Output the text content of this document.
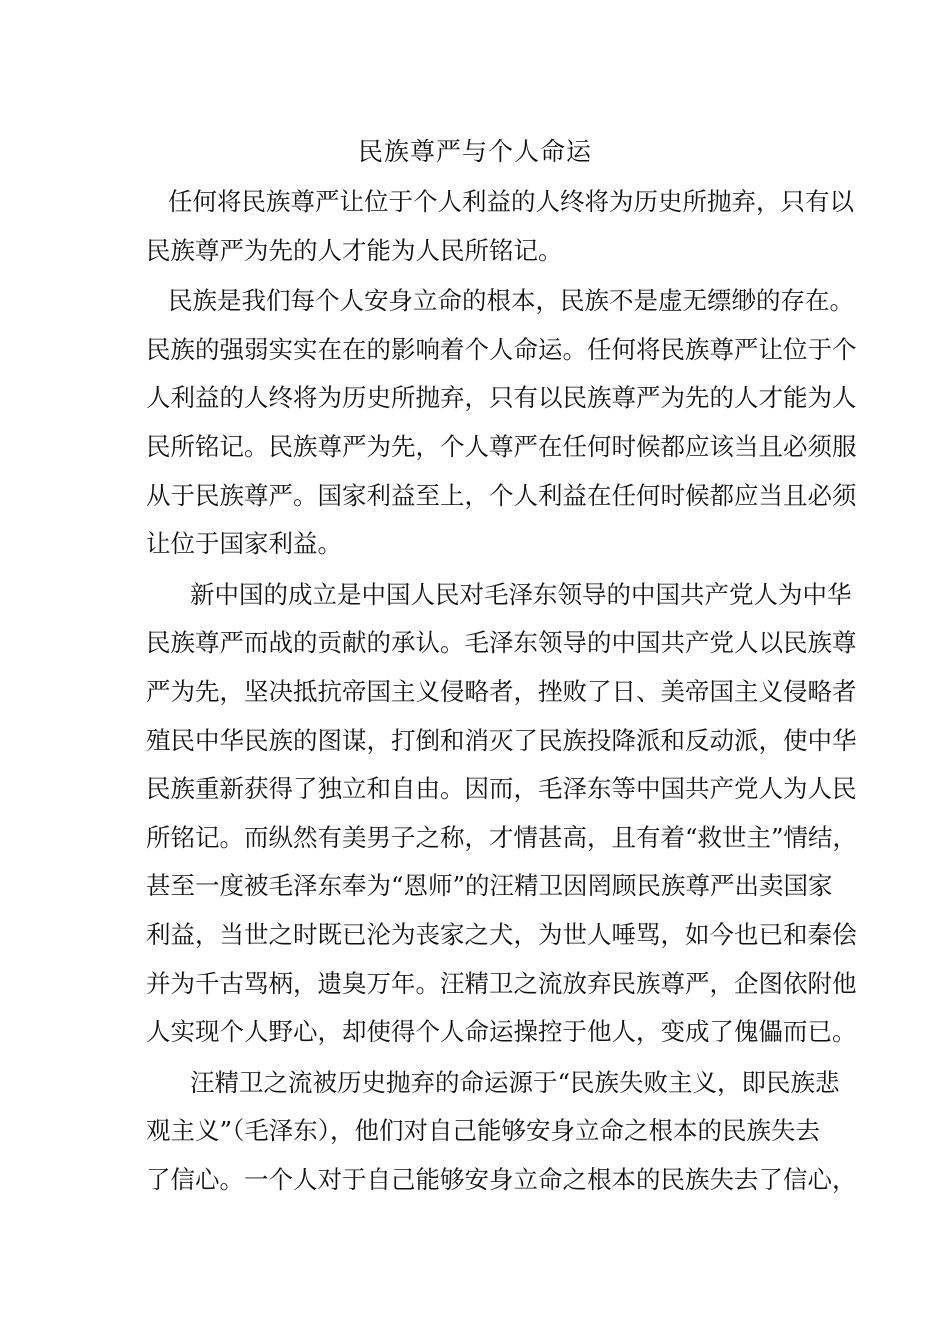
民族尊严与个人命运
任何将民族尊严让位于个人利益的人终将为历史所抛弃，只有以
民族尊严为先的人才能为人民所铭记。
民族是我们每个人安身立命的根本，民族不是虚无缥缈的存在。
民族的强弱实实在在的影响着个人命运。任何将民族尊严让位于个
人利益的人终将为历史所抛弃，只有以民族尊严为先的人才能为人
民所铭记。民族尊严为先，个人尊严在任何时候都应该当且必须服
从于民族尊严。国家利益至上，个人利益在任何时候都应当且必须
让位于国家利益。
新中国的成立是中国人民对毛泽东领导的中国共产党人为中华
民族尊严而战的贡献的承认。毛泽东领导的中国共产党人以民族尊
严为先，坚决抵抗帝国主义侵略者，挫败了日、美帝国主义侵略者
殖民中华民族的图谋，打倒和消灭了民族投降派和反动派，使中华
民族重新获得了独立和自由。因而，毛泽东等中国共产党人为人民
所铭记。而纵然有美男子之称，才情甚高，且有着“救世主”情结，
甚至一度被毛泽东奉为“恩师”的汪精卫因罔顾民族尊严出卖国家
利益，当世之时既已沦为丧家之犬，为世人唾骂，如今也已和秦侩
并为千古骂柄，遗臭万年。汪精卫之流放弃民族尊严，企图依附他
人实现个人野心，却使得个人命运操控于他人，变成了傀儡而已。
汪精卫之流被历史抛弃的命运源于“民族失败主义，即民族悲
观主义”（毛泽东），他们对自己能够安身立命之根本的民族失去
了信心。一个人对于自己能够安身立命之根本的民族失去了信心，
